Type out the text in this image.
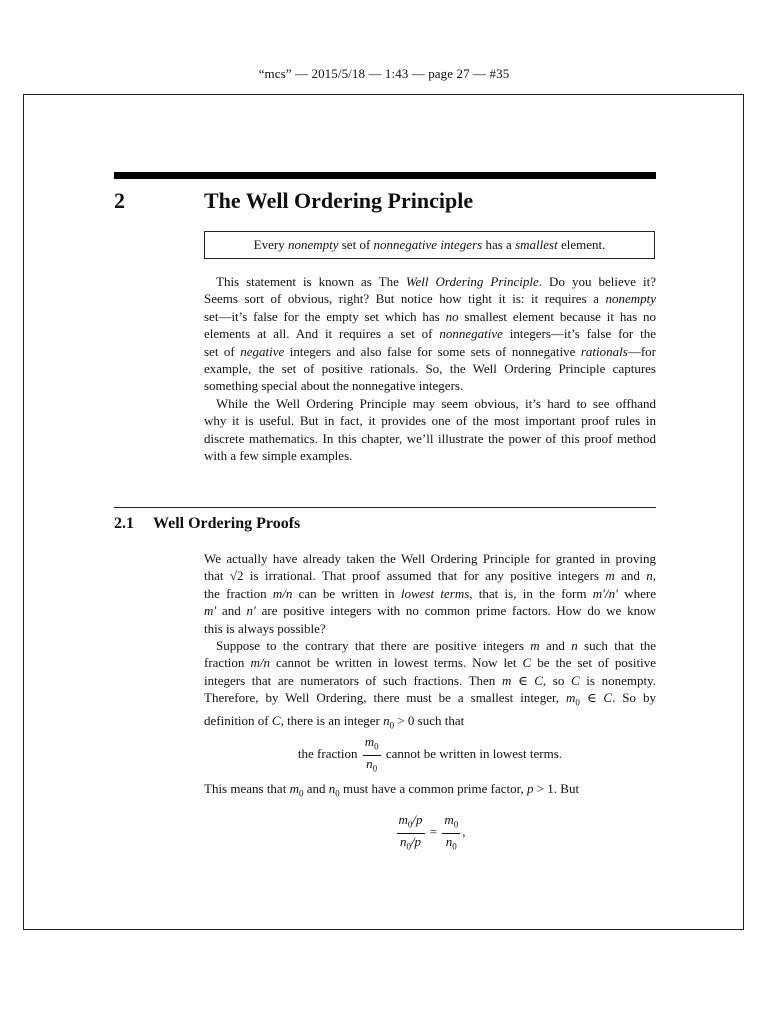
“mcs” — 2015/5/18 — 1:43 — page 27 — #35
2	The Well Ordering Principle
Every nonempty set of nonnegative integers has a smallest element.
This statement is known as The Well Ordering Principle. Do you believe it?
Seems sort of obvious, right? But notice how tight it is: it requires a nonempty
set—it’s false for the empty set which has no smallest element because it has no
elements at all. And it requires a set of nonnegative integers—it’s false for the
set of negative integers and also false for some sets of nonnegative rationals—for
example, the set of positive rationals. So, the Well Ordering Principle captures
something special about the nonnegative integers.
While the Well Ordering Principle may seem obvious, it’s hard to see offhand
why it is useful. But in fact, it provides one of the most important proof rules in
discrete mathematics. In this chapter, we’ll illustrate the power of this proof method
with a few simple examples.
2.1 Well Ordering Proofs
We actually have already taken the Well Ordering Principle for granted in proving
that √2 is irrational. That proof assumed that for any positive integers m and n,
the fraction m/n can be written in lowest terms, that is, in the form m′/n′ where
m′ and n′ are positive integers with no common prime factors. How do we know
this is always possible?
Suppose to the contrary that there are positive integers m and n such that the
fraction m/n cannot be written in lowest terms. Now let C be the set of positive
integers that are numerators of such fractions. Then m ∈ C, so C is nonempty.
Therefore, by Well Ordering, there must be a smallest integer, $m_0$ ∈ C. So by
definition of C, there is an integer $n_0 > 0$ such that
the fraction $\frac{m_0}{n_0}$ cannot be written in lowest terms.
This means that $m_0$ and $n_0$ must have a common prime factor, p > 1. But
$\frac{m_0/p}{n_0/p} = \frac{m_0}{n_0}$ ,
